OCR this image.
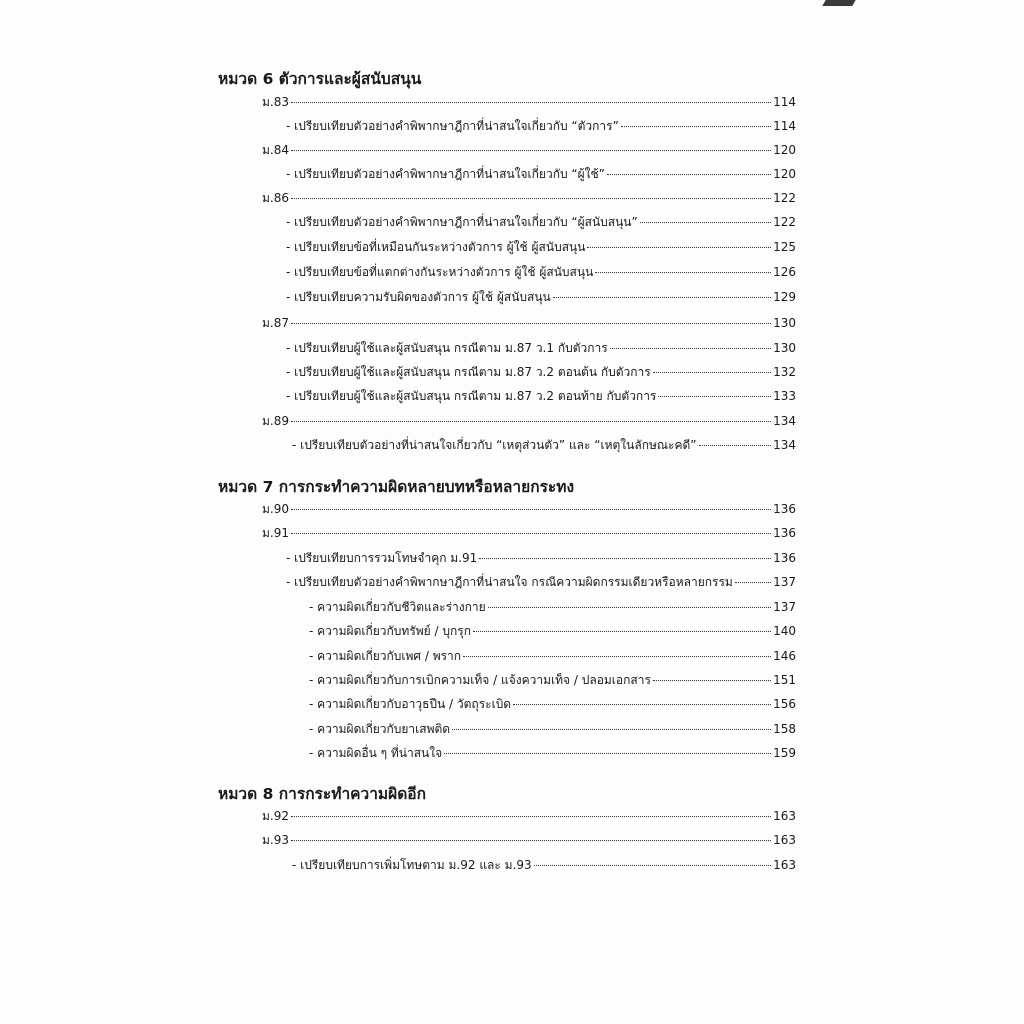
หมวด 6 ตัวการและผู้สนับสนุน
ม.83	114
- เปรียบเทียบตัวอย่างคำพิพากษาฎีกาที่น่าสนใจเกี่ยวกับ “ตัวการ”	114
ม.84	120
- เปรียบเทียบตัวอย่างคำพิพากษาฎีกาที่น่าสนใจเกี่ยวกับ “ผู้ใช้”	120
ม.86	122
- เปรียบเทียบตัวอย่างคำพิพากษาฎีกาที่น่าสนใจเกี่ยวกับ “ผู้สนับสนุน”	122
- เปรียบเทียบข้อที่เหมือนกันระหว่างตัวการ ผู้ใช้ ผู้สนับสนุน	125
- เปรียบเทียบข้อที่แตกต่างกันระหว่างตัวการ ผู้ใช้ ผู้สนับสนุน	126
- เปรียบเทียบความรับผิดของตัวการ ผู้ใช้ ผู้สนับสนุน	129
ม.87	130
- เปรียบเทียบผู้ใช้และผู้สนับสนุน กรณีตาม ม.87 ว.1 กับตัวการ	130
- เปรียบเทียบผู้ใช้และผู้สนับสนุน กรณีตาม ม.87 ว.2 ตอนต้น กับตัวการ	132
- เปรียบเทียบผู้ใช้และผู้สนับสนุน กรณีตาม ม.87 ว.2 ตอนท้าย กับตัวการ	133
ม.89	134
- เปรียบเทียบตัวอย่างที่น่าสนใจเกี่ยวกับ “เหตุส่วนตัว” และ “เหตุในลักษณะคดี”	134
หมวด 7 การกระทำความผิดหลายบทหรือหลายกระทง
ม.90	136
ม.91	136
- เปรียบเทียบการรวมโทษจำคุก ม.91	136
- เปรียบเทียบตัวอย่างคำพิพากษาฎีกาที่น่าสนใจ กรณีความผิดกรรมเดียวหรือหลายกรรม	137
- ความผิดเกี่ยวกับชีวิตและร่างกาย	137
- ความผิดเกี่ยวกับทรัพย์ / บุกรุก	140
- ความผิดเกี่ยวกับเพศ / พราก	146
- ความผิดเกี่ยวกับการเบิกความเท็จ / แจ้งความเท็จ / ปลอมเอกสาร	151
- ความผิดเกี่ยวกับอาวุธปืน / วัตถุระเบิด	156
- ความผิดเกี่ยวกับยาเสพติด	158
- ความผิดอื่น ๆ ที่น่าสนใจ	159
หมวด 8 การกระทำความผิดอีก
ม.92	163
ม.93	163
- เปรียบเทียบการเพิ่มโทษตาม ม.92 และ ม.93	163
